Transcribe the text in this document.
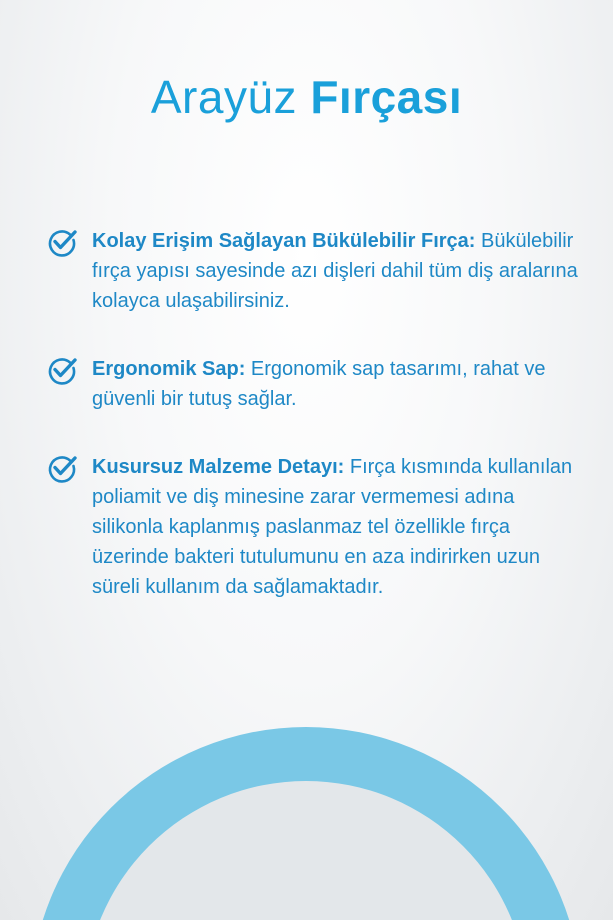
Arayüz Fırçası
Kolay Erişim Sağlayan Bükülebilir Fırça: Bükülebilir fırça yapısı sayesinde azı dişleri dahil tüm diş aralarına kolayca ulaşabilirsiniz.
Ergonomik Sap: Ergonomik sap tasarımı, rahat ve güvenli bir tutuş sağlar.
Kusursuz Malzeme Detayı: Fırça kısmında kullanılan poliamit ve diş minesine zarar vermemesi adına silikonla kaplanmış paslanmaz tel özellikle fırça üzerinde bakteri tutulumunu en aza indirirken uzun süreli kullanım da sağlamaktadır.
